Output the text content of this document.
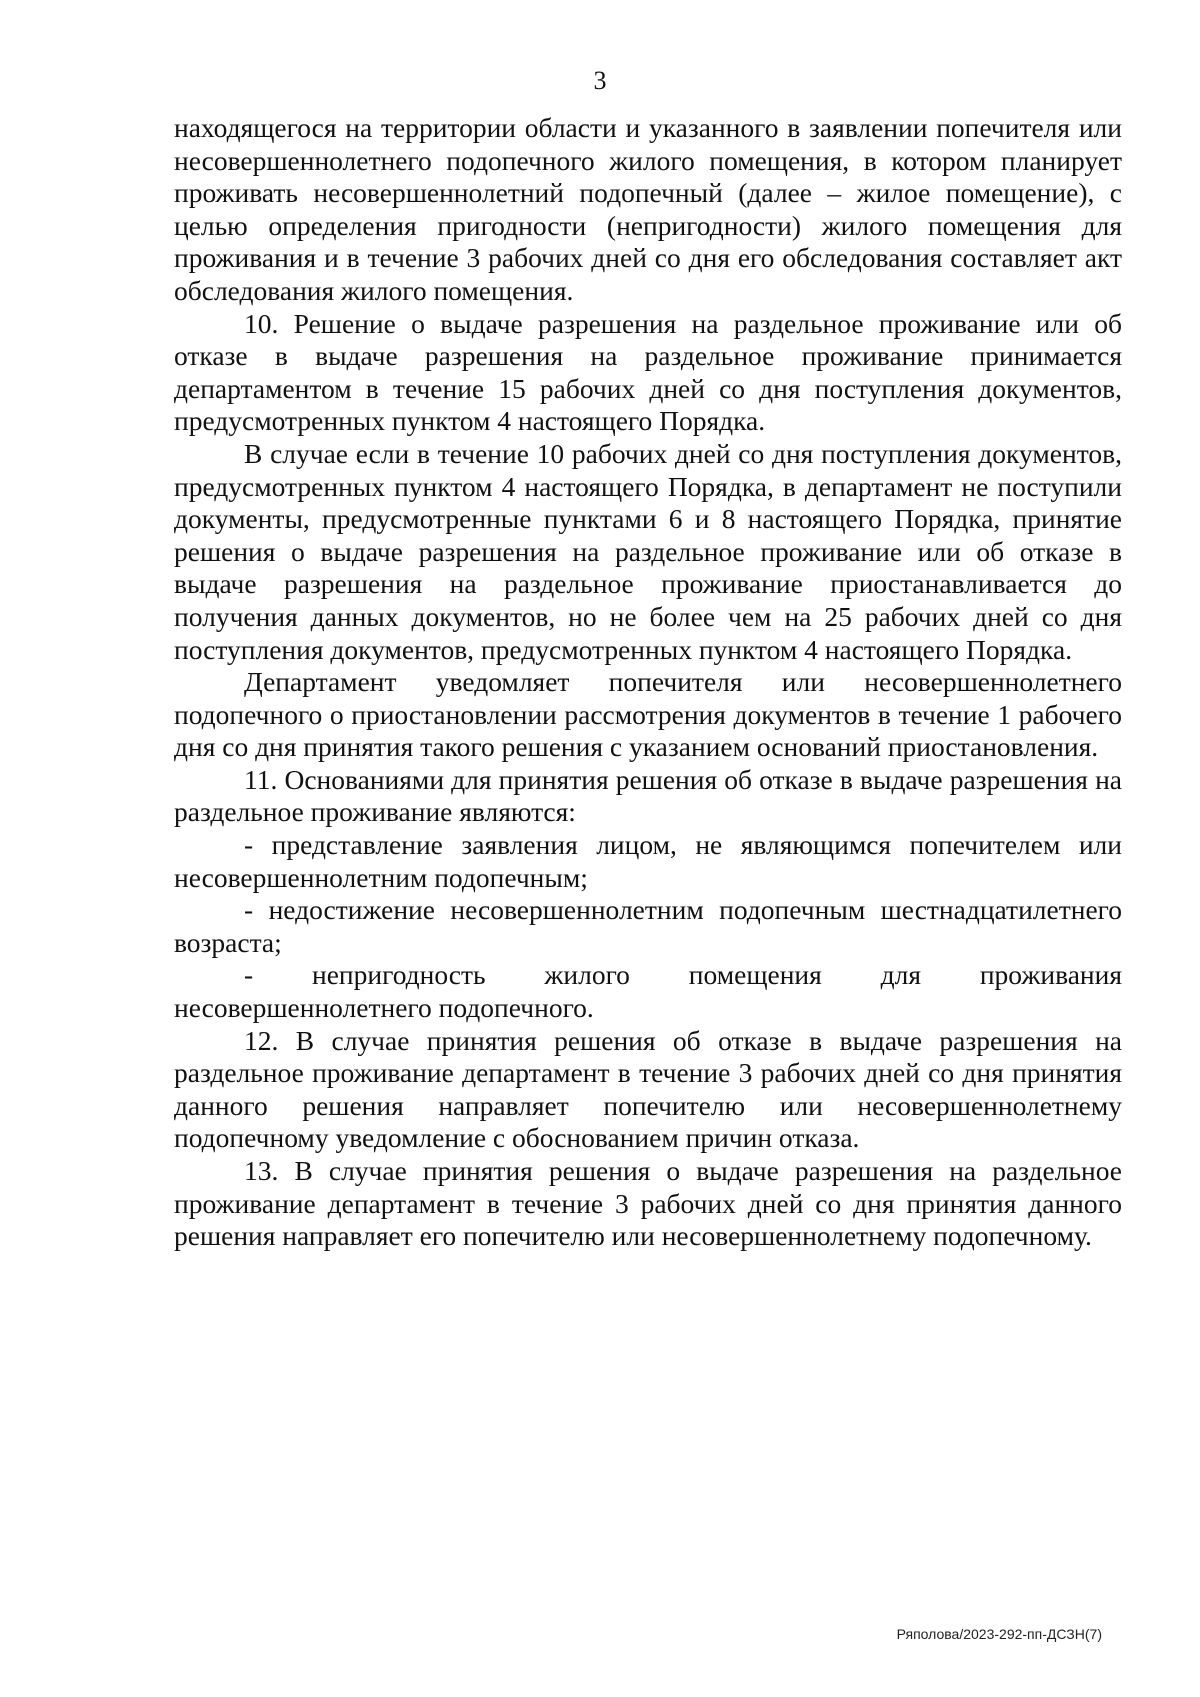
3

находящегося на территории области и указанного в заявлении попечителя или несовершеннолетнего подопечного жилого помещения, в котором планирует проживать несовершеннолетний подопечный (далее – жилое помещение), с целью определения пригодности (непригодности) жилого помещения для проживания и в течение 3 рабочих дней со дня его обследования составляет акт обследования жилого помещения.

10. Решение о выдаче разрешения на раздельное проживание или об отказе в выдаче разрешения на раздельное проживание принимается департаментом в течение 15 рабочих дней со дня поступления документов, предусмотренных пунктом 4 настоящего Порядка.

В случае если в течение 10 рабочих дней со дня поступления документов, предусмотренных пунктом 4 настоящего Порядка, в департамент не поступили документы, предусмотренные пунктами 6 и 8 настоящего Порядка, принятие решения о выдаче разрешения на раздельное проживание или об отказе в выдаче разрешения на раздельное проживание приостанавливается до получения данных документов, но не более чем на 25 рабочих дней со дня поступления документов, предусмотренных пунктом 4 настоящего Порядка.

Департамент уведомляет попечителя или несовершеннолетнего подопечного о приостановлении рассмотрения документов в течение 1 рабочего дня со дня принятия такого решения с указанием оснований приостановления.

11. Основаниями для принятия решения об отказе в выдаче разрешения на раздельное проживание являются:

- представление заявления лицом, не являющимся попечителем или несовершеннолетним подопечным;

- недостижение несовершеннолетним подопечным шестнадцатилетнего возраста;

- непригодность жилого помещения для проживания несовершеннолетнего подопечного.

12. В случае принятия решения об отказе в выдаче разрешения на раздельное проживание департамент в течение 3 рабочих дней со дня принятия данного решения направляет попечителю или несовершеннолетнему подопечному уведомление с обоснованием причин отказа.

13. В случае принятия решения о выдаче разрешения на раздельное проживание департамент в течение 3 рабочих дней со дня принятия данного решения направляет его попечителю или несовершеннолетнему подопечному.

Ряполова/2023-292-пп-ДСЗН(7)
